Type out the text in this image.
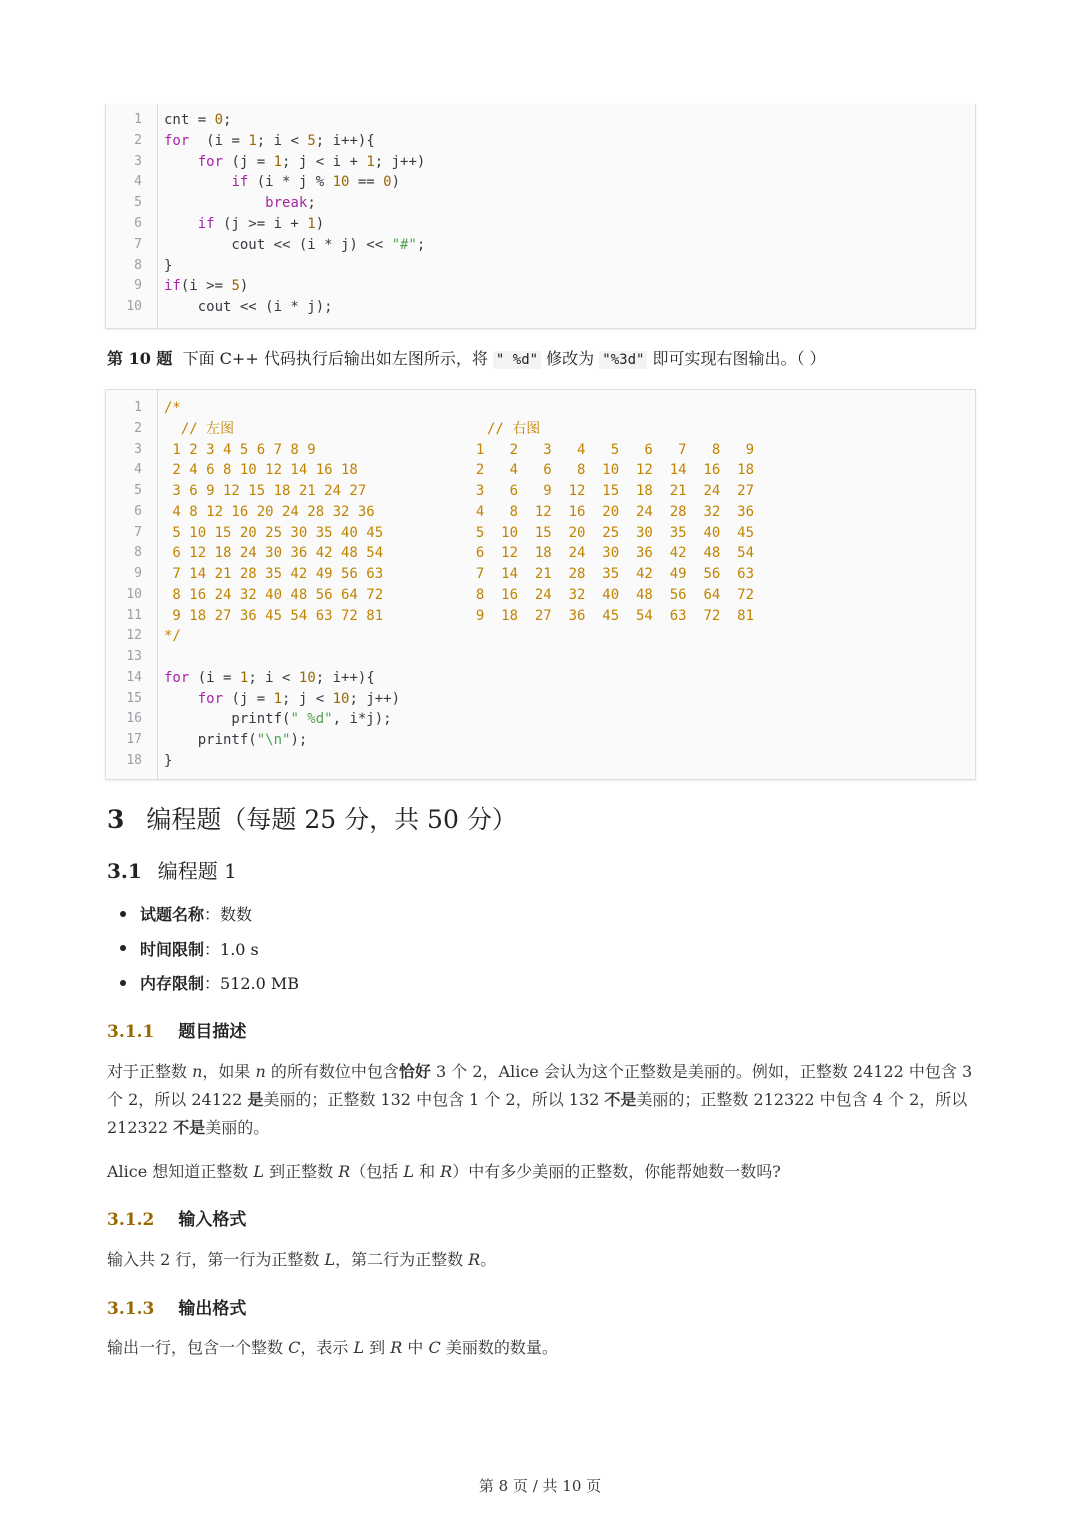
1 cnt = 0;
2 for  (i = 1; i < 5; i++){
3	for (j = 1; j < i + 1; j++)
4	if (i * j % 10 == 0)
5	break;
6	if (j >= i + 1)
7 cout << (i * j) << "#";
8 }
9 if(i >= 5)
10 cout << (i * j);
第 10 题 下面 C++ 代码执行后输出如左图所示，将 " %d" 修改为 "%3d" 即可实现右图输出。（ ）
1 /*
2 // 左图                              // 右图
3 1 2 3 4 5 6 7 8 9                   1   2   3   4   5   6   7   8   9
4 2 4 6 8 10 12 14 16 18              2   4   6   8  10  12  14  16  18
5 3 6 9 12 15 18 21 24 27             3   6   9  12  15  18  21  24  27
6 4 8 12 16 20 24 28 32 36            4   8  12  16  20  24  28  32  36
7 5 10 15 20 25 30 35 40 45           5  10  15  20  25  30  35  40  45
8 6 12 18 24 30 36 42 48 54           6  12  18  24  30  36  42  48  54
9 7 14 21 28 35 42 49 56 63           7  14  21  28  35  42  49  56  63
10 8 16 24 32 40 48 56 64 72           8  16  24  32  40  48  56  64  72
11 9 18 27 36 45 54 63 72 81           9  18  27  36  45  54  63  72  81
12 */
13
14 for (i = 1; i < 10; i++){
15	for (j = 1; j < 10; j++)
16 printf(" %d", i*j);
17 printf("\n");
18 }
3 编程题（每题 25 分，共 50 分）
3.1 编程题 1
试题名称：数数
时间限制：1.0 s
内存限制：512.0 MB
3.1.1 题目描述
对于正整数 n，如果 n 的所有数位中包含恰好 3 个 2，Alice 会认为这个正整数是美丽的。例如，正整数 24122 中包含 3 个 2，所以 24122 是美丽的；正整数 132 中包含 1 个 2，所以 132 不是美丽的；正整数 212322 中包含 4 个 2，所以 212322 不是美丽的。
Alice 想知道正整数 L 到正整数 R（包括 L 和 R）中有多少美丽的正整数，你能帮她数一数吗?
3.1.2 输入格式
输入共 2 行，第一行为正整数 L，第二行为正整数 R。
3.1.3 输出格式
输出一行，包含一个整数 C，表示 L 到 R 中 C 美丽数的数量。
第 8 页 / 共 10 页
